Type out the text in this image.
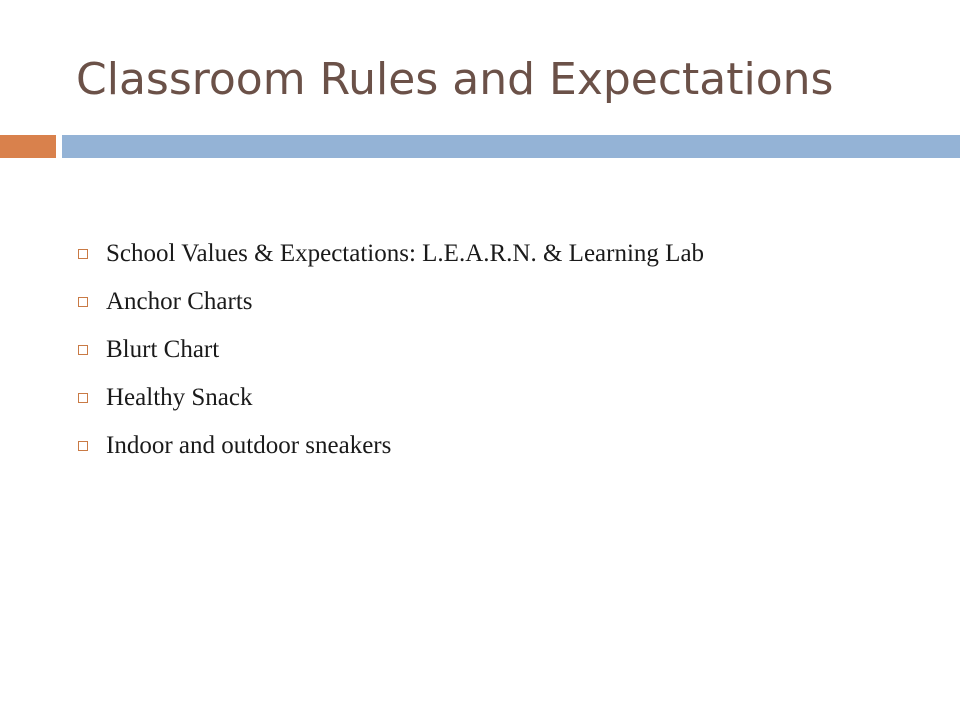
Classroom Rules and Expectations
School Values & Expectations: L.E.A.R.N. & Learning Lab
Anchor Charts
Blurt Chart
Healthy Snack
Indoor and outdoor sneakers
